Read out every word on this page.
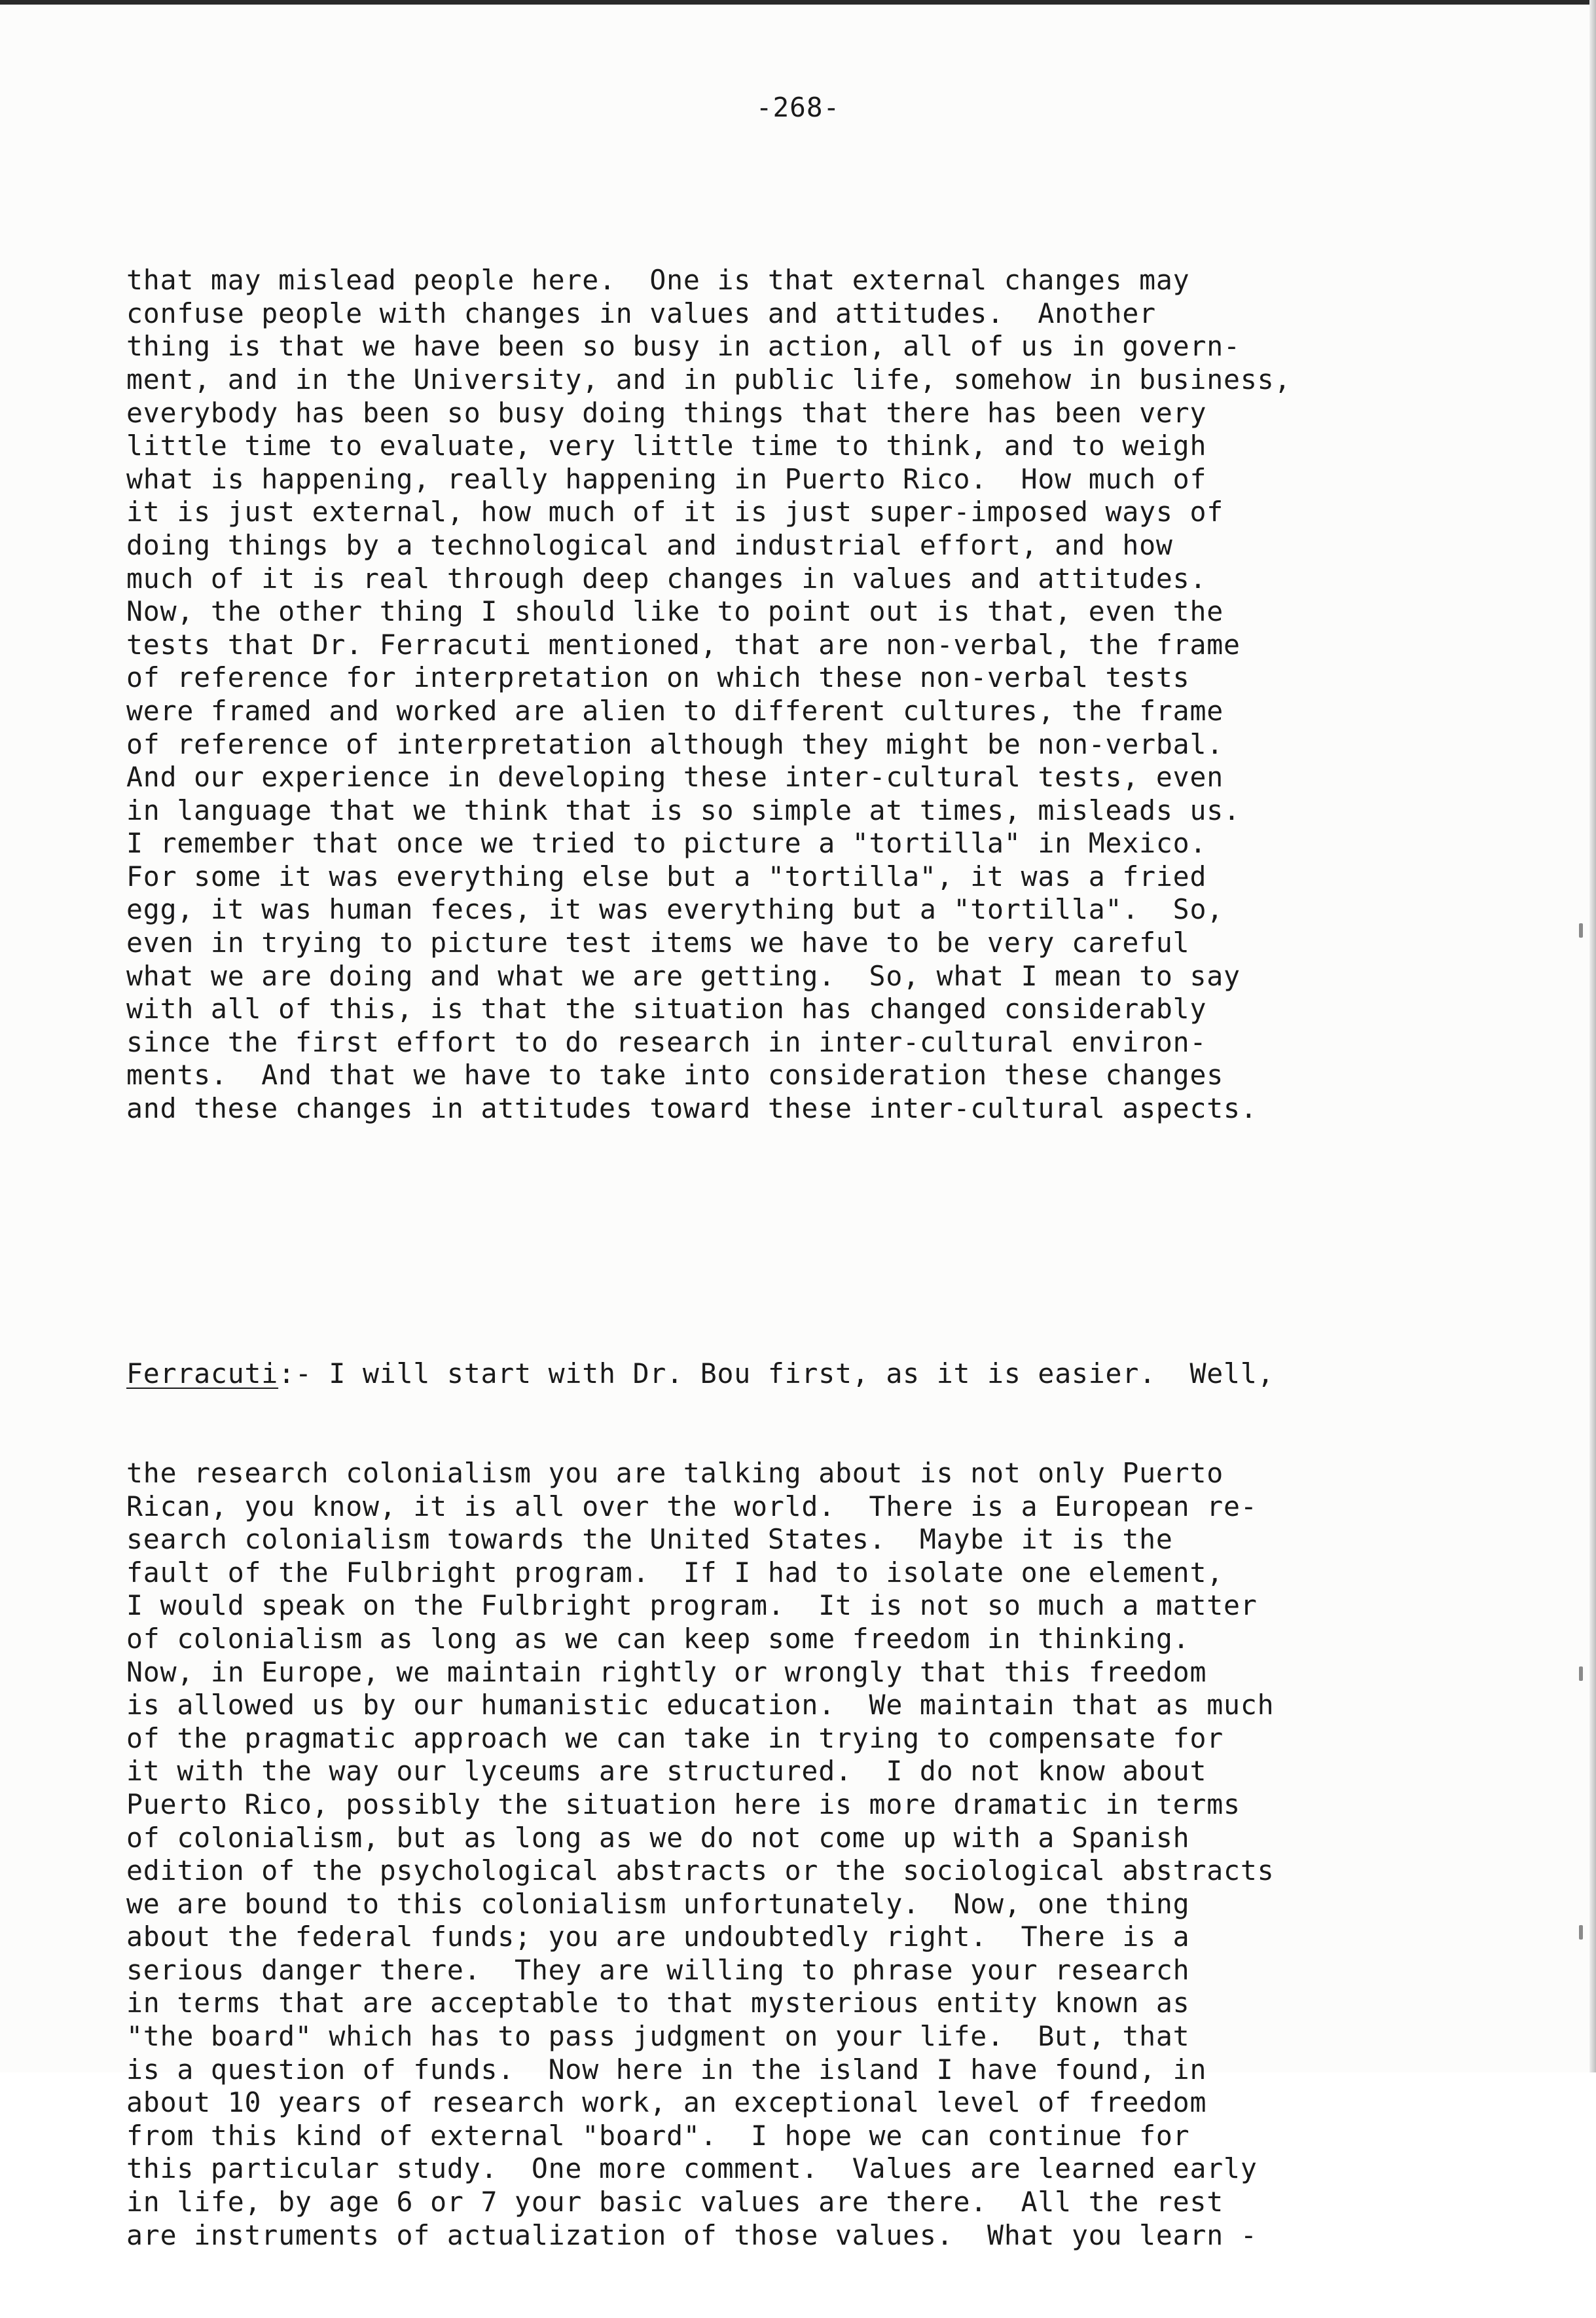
-268-

that may mislead people here.  One is that external changes may
confuse people with changes in values and attitudes.  Another
thing is that we have been so busy in action, all of us in govern-
ment, and in the University, and in public life, somehow in business,
everybody has been so busy doing things that there has been very
little time to evaluate, very little time to think, and to weigh
what is happening, really happening in Puerto Rico.  How much of
it is just external, how much of it is just super-imposed ways of
doing things by a technological and industrial effort, and how
much of it is real through deep changes in values and attitudes.
Now, the other thing I should like to point out is that, even the
tests that Dr. Ferracuti mentioned, that are non-verbal, the frame
of reference for interpretation on which these non-verbal tests
were framed and worked are alien to different cultures, the frame
of reference of interpretation although they might be non-verbal.
And our experience in developing these inter-cultural tests, even
in language that we think that is so simple at times, misleads us.
I remember that once we tried to picture a "tortilla" in Mexico.
For some it was everything else but a "tortilla", it was a fried
egg, it was human feces, it was everything but a "tortilla".  So,
even in trying to picture test items we have to be very careful
what we are doing and what we are getting.  So, what I mean to say
with all of this, is that the situation has changed considerably
since the first effort to do research in inter-cultural environ-
ments.  And that we have to take into consideration these changes
and these changes in attitudes toward these inter-cultural aspects.

Ferracuti:- I will start with Dr. Bou first, as it is easier.  Well,

the research colonialism you are talking about is not only Puerto
Rican, you know, it is all over the world.  There is a European re-
search colonialism towards the United States.  Maybe it is the
fault of the Fulbright program.  If I had to isolate one element,
I would speak on the Fulbright program.  It is not so much a matter
of colonialism as long as we can keep some freedom in thinking.
Now, in Europe, we maintain rightly or wrongly that this freedom
is allowed us by our humanistic education.  We maintain that as much
of the pragmatic approach we can take in trying to compensate for
it with the way our lyceums are structured.  I do not know about
Puerto Rico, possibly the situation here is more dramatic in terms
of colonialism, but as long as we do not come up with a Spanish
edition of the psychological abstracts or the sociological abstracts
we are bound to this colonialism unfortunately.  Now, one thing
about the federal funds; you are undoubtedly right.  There is a
serious danger there.  They are willing to phrase your research
in terms that are acceptable to that mysterious entity known as
"the board" which has to pass judgment on your life.  But, that
is a question of funds.  Now here in the island I have found, in
about 10 years of research work, an exceptional level of freedom
from this kind of external "board".  I hope we can continue for
this particular study.  One more comment.  Values are learned early
in life, by age 6 or 7 your basic values are there.  All the rest
are instruments of actualization of those values.  What you learn -
